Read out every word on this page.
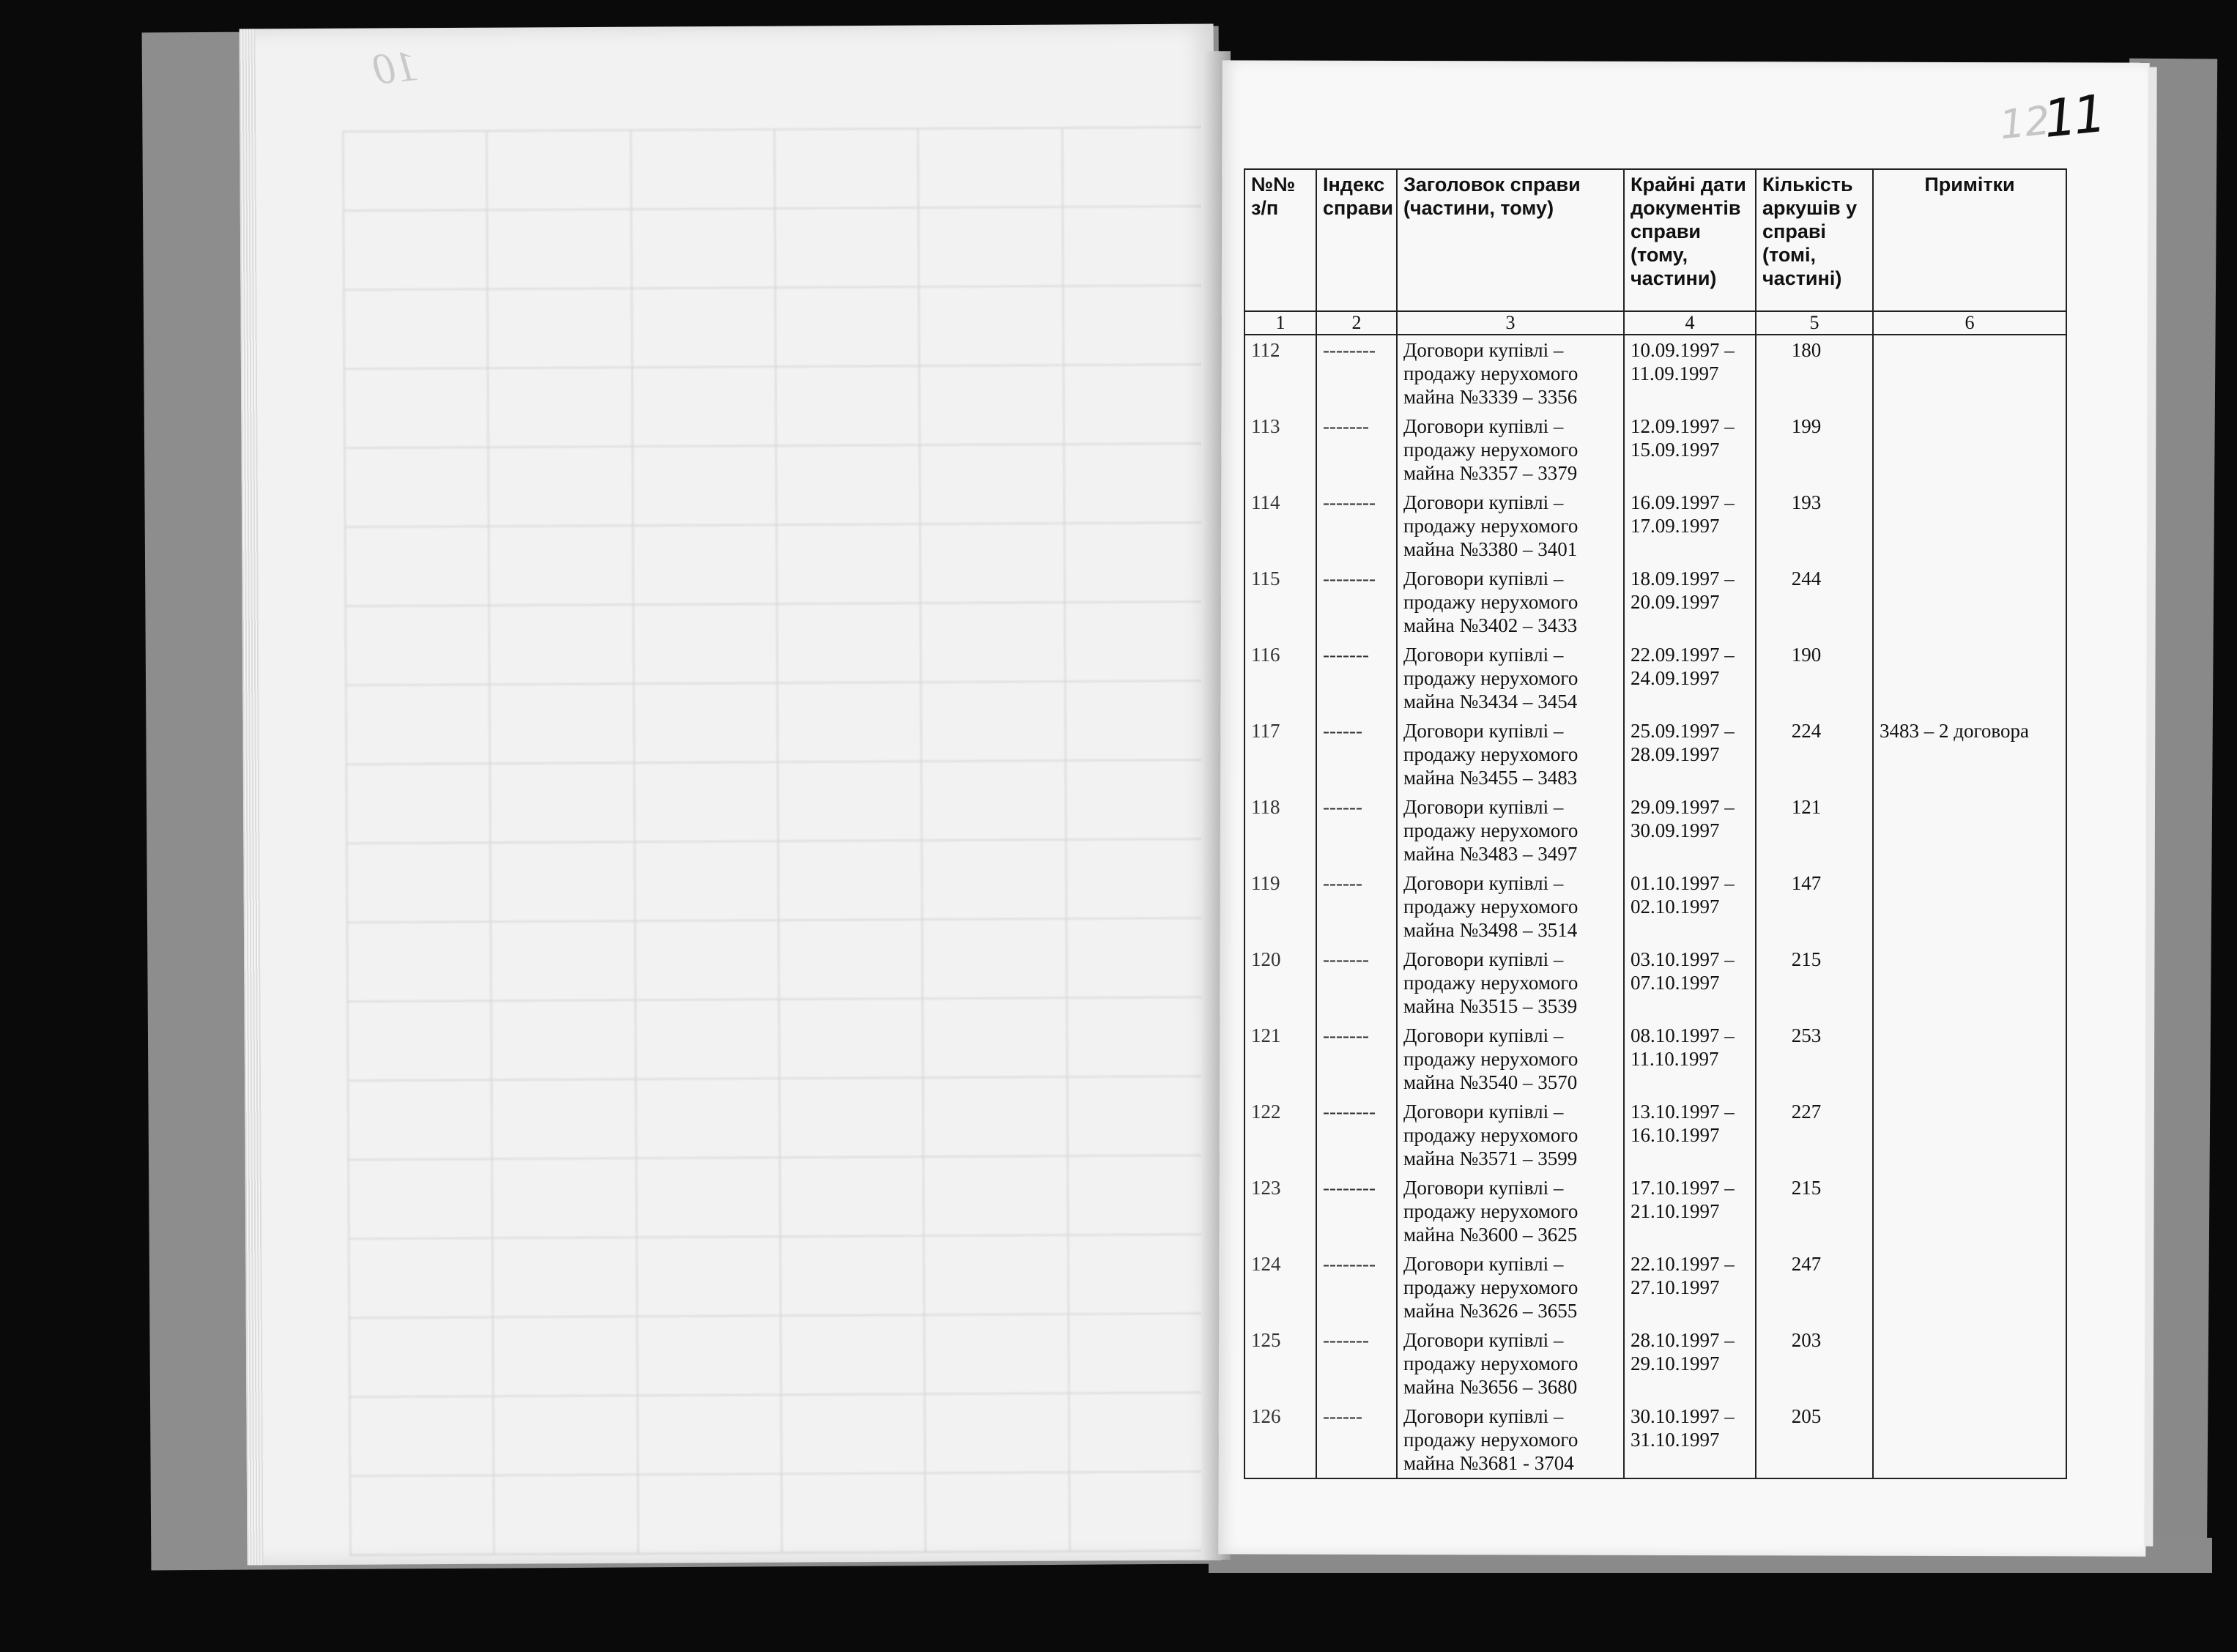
10
12
11
№№ з/п	Індекс справи	Заголовок справи (частини, тому)	Крайні дати документів справи (тому, частини)	Кількість аркушів у справі (томі, частині)	Примітки
1	2	3	4	5	6
112	--------	Договори купівлі – продажу нерухомого майна №3339 – 3356	10.09.1997 – 11.09.1997	180	
113	-------	Договори купівлі – продажу нерухомого майна №3357 – 3379	12.09.1997 – 15.09.1997	199	
114	--------	Договори купівлі – продажу нерухомого майна №3380 – 3401	16.09.1997 – 17.09.1997	193	
115	--------	Договори купівлі – продажу нерухомого майна №3402 – 3433	18.09.1997 – 20.09.1997	244	
116	-------	Договори купівлі – продажу нерухомого майна №3434 – 3454	22.09.1997 – 24.09.1997	190	
117	------	Договори купівлі – продажу нерухомого майна №3455 – 3483	25.09.1997 – 28.09.1997	224	3483 – 2 договора
118	------	Договори купівлі – продажу нерухомого майна №3483 – 3497	29.09.1997 – 30.09.1997	121	
119	------	Договори купівлі – продажу нерухомого майна №3498 – 3514	01.10.1997 – 02.10.1997	147	
120	-------	Договори купівлі – продажу нерухомого майна №3515 – 3539	03.10.1997 – 07.10.1997	215	
121	-------	Договори купівлі – продажу нерухомого майна №3540 – 3570	08.10.1997 – 11.10.1997	253	
122	--------	Договори купівлі – продажу нерухомого майна №3571 – 3599	13.10.1997 – 16.10.1997	227	
123	--------	Договори купівлі – продажу нерухомого майна №3600 – 3625	17.10.1997 – 21.10.1997	215	
124	--------	Договори купівлі – продажу нерухомого майна №3626 – 3655	22.10.1997 – 27.10.1997	247	
125	-------	Договори купівлі – продажу нерухомого майна №3656 – 3680	28.10.1997 – 29.10.1997	203	
126	------	Договори купівлі – продажу нерухомого майна №3681 - 3704	30.10.1997 – 31.10.1997	205	
